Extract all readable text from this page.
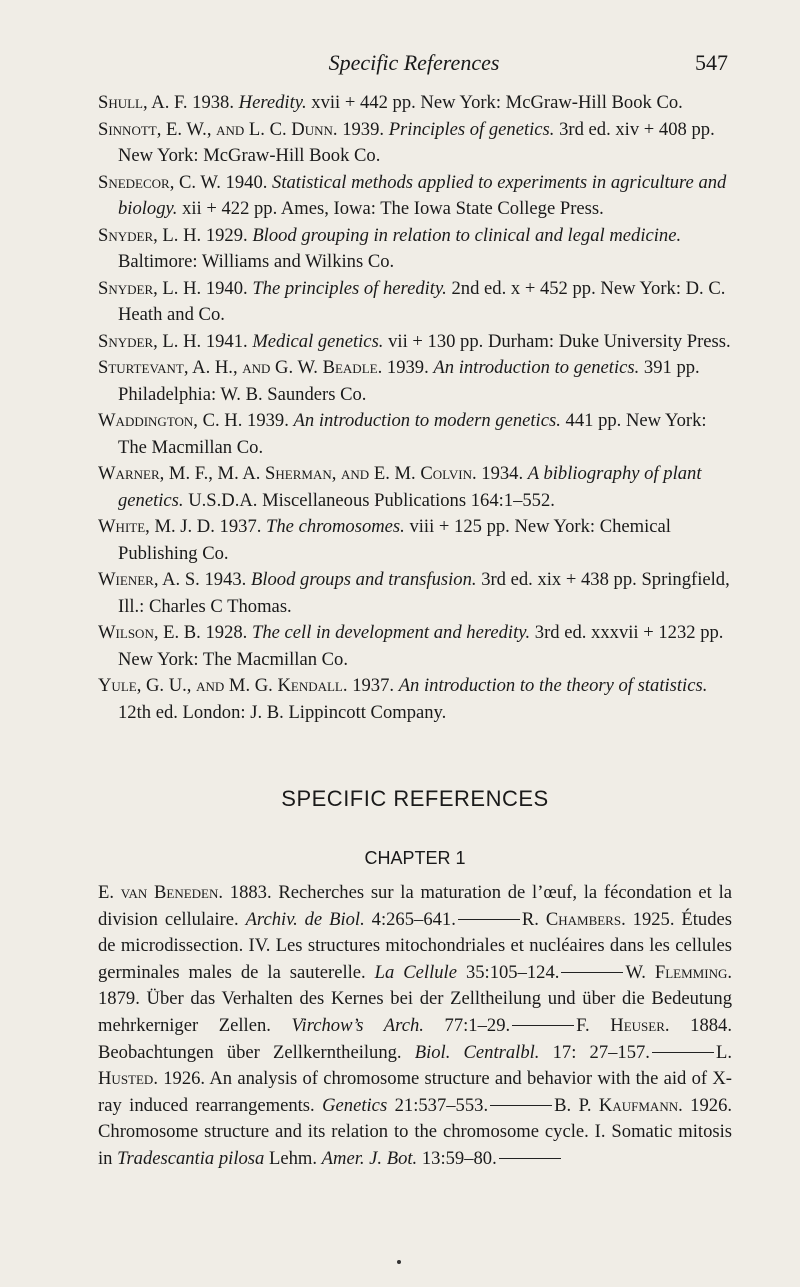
Specific References	547

Shull, A. F. 1938. Heredity. xvii + 442 pp. New York: McGraw-Hill Book Co.

Sinnott, E. W., and L. C. Dunn. 1939. Principles of genetics. 3rd ed. xiv + 408 pp. New York: McGraw-Hill Book Co.

Snedecor, C. W. 1940. Statistical methods applied to experiments in agriculture and biology. xii + 422 pp. Ames, Iowa: The Iowa State College Press.

Snyder, L. H. 1929. Blood grouping in relation to clinical and legal medicine. Baltimore: Williams and Wilkins Co.

Snyder, L. H. 1940. The principles of heredity. 2nd ed. x + 452 pp. New York: D. C. Heath and Co.

Snyder, L. H. 1941. Medical genetics. vii + 130 pp. Durham: Duke University Press.

Sturtevant, A. H., and G. W. Beadle. 1939. An introduction to genetics. 391 pp. Philadelphia: W. B. Saunders Co.

Waddington, C. H. 1939. An introduction to modern genetics. 441 pp. New York: The Macmillan Co.

Warner, M. F., M. A. Sherman, and E. M. Colvin. 1934. A bibliography of plant genetics. U.S.D.A. Miscellaneous Publications 164:1–552.

White, M. J. D. 1937. The chromosomes. viii + 125 pp. New York: Chemical Publishing Co.

Wiener, A. S. 1943. Blood groups and transfusion. 3rd ed. xix + 438 pp. Springfield, Ill.: Charles C Thomas.

Wilson, E. B. 1928. The cell in development and heredity. 3rd ed. xxxvii + 1232 pp. New York: The Macmillan Co.

Yule, G. U., and M. G. Kendall. 1937. An introduction to the theory of statistics. 12th ed. London: J. B. Lippincott Company.

SPECIFIC REFERENCES
CHAPTER 1
E. van Beneden. 1883. Recherches sur la maturation de l’œuf, la fécondation et la division cellulaire. Archiv. de Biol. 4:265–641.	R. Chambers. 1925. Études de microdissection. IV. Les structures mitochondriales et nucléaires dans les cellules germinales males de la sauterelle. La Cellule 35:105–124.	W. Flemming. 1879. Über das Verhalten des Kernes bei der Zelltheilung und über die Bedeutung mehrkerniger Zellen. Virchow’s Arch. 77:1–29.	F. Heuser. 1884. Beobachtungen über Zellkerntheilung. Biol. Centralbl. 17: 27–157.	L. Husted. 1926. An analysis of chromosome structure and behavior with the aid of X-ray induced rearrangements. Genetics 21:537–553.	B. P. Kaufmann. 1926. Chromosome structure and its relation to the chromosome cycle. I. Somatic mitosis in Tradescantia pilosa Lehm. Amer. J. Bot. 13:59–80.
